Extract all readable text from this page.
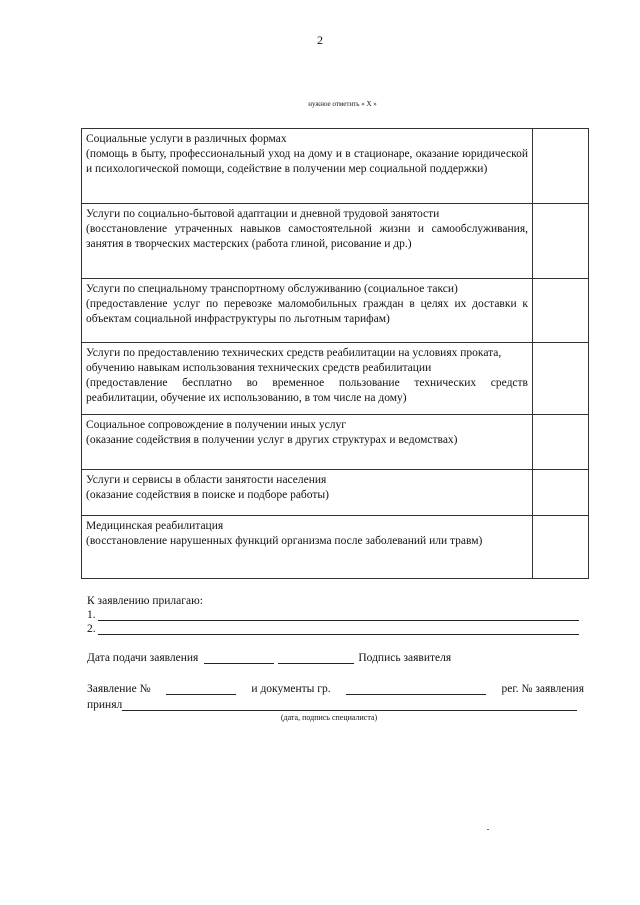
2
нужное отметить « Х »
Социальные услуги в различных формах
(помощь в быту, профессиональный уход на дому и в стационаре, оказание юридической и психологической помощи, содействие в получении мер социальной поддержки)	

Услуги по социально-бытовой адаптации и дневной трудовой занятости
(восстановление утраченных навыков самостоятельной жизни и самообслуживания, занятия в творческих мастерских (работа глиной, рисование и др.)	

Услуги по специальному транспортному обслуживанию (социальное такси)
(предоставление услуг по перевозке маломобильных граждан в целях их доставки к объектам социальной инфраструктуры по льготным тарифам)	

Услуги по предоставлению технических средств реабилитации на условиях проката, обучению навыкам использования технических средств реабилитации
(предоставление бесплатно во временное пользование технических средств реабилитации, обучение их использованию, в том числе на дому)	

Социальное сопровождение в получении иных услуг
(оказание содействия в получении услуг в других структурах и ведомствах)	

Услуги и сервисы в области занятости населения
(оказание содействия в поиске и подборе работы)	

Медицинская реабилитация
(восстановление нарушенных функций организма после заболеваний или травм)	

К заявлению прилагаю:
1.
2.
Дата подачи заявления	Подпись заявителя
Заявление №	и документы гр.	рег. № заявления
принял
(дата, подпись специалиста)
